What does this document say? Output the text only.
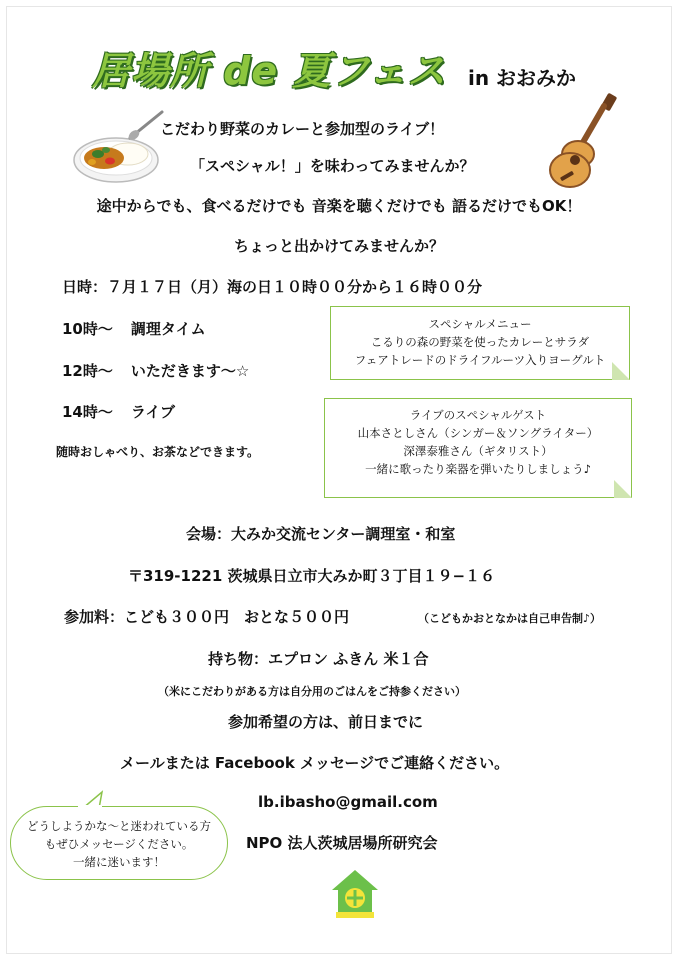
居場所 de 夏フェス in おおみか
こだわり野菜のカレーと参加型のライブ！
「スペシャル！」を味わってみませんか？
途中からでも、食べるだけでも 音楽を聴くだけでも 語るだけでもOK！
ちょっと出かけてみませんか？
日時：７月１７日（月）海の日１０時００分から１６時００分
10時〜 調理タイム
12時〜 いただきます〜☆
14時〜 ライブ
随時おしゃべり、お茶などできます。
スペシャルメニュー
こるりの森の野菜を使ったカレーとサラダ
フェアトレードのドライフルーツ入りヨーグルト
ライブのスペシャルゲスト
山本さとしさん（シンガー＆ソングライター）
深澤泰雅さん（ギタリスト）
一緒に歌ったり楽器を弾いたりしましょう♪
会場：大みか交流センター調理室・和室
〒319-1221 茨城県日立市大みか町３丁目１９−１６
参加料：こども３００円　おとな５００円	（こどもかおとなかは自己申告制♪）
持ち物：エプロン ふきん 米１合
（米にこだわりがある方は自分用のごはんをご持参ください）
参加希望の方は、前日までに
メールまたは Facebook メッセージでご連絡ください。
lb.ibasho@gmail.com
NPO 法人茨城居場所研究会
どうしようかな〜と迷われている方
もぜひメッセージください。
一緒に迷います！
